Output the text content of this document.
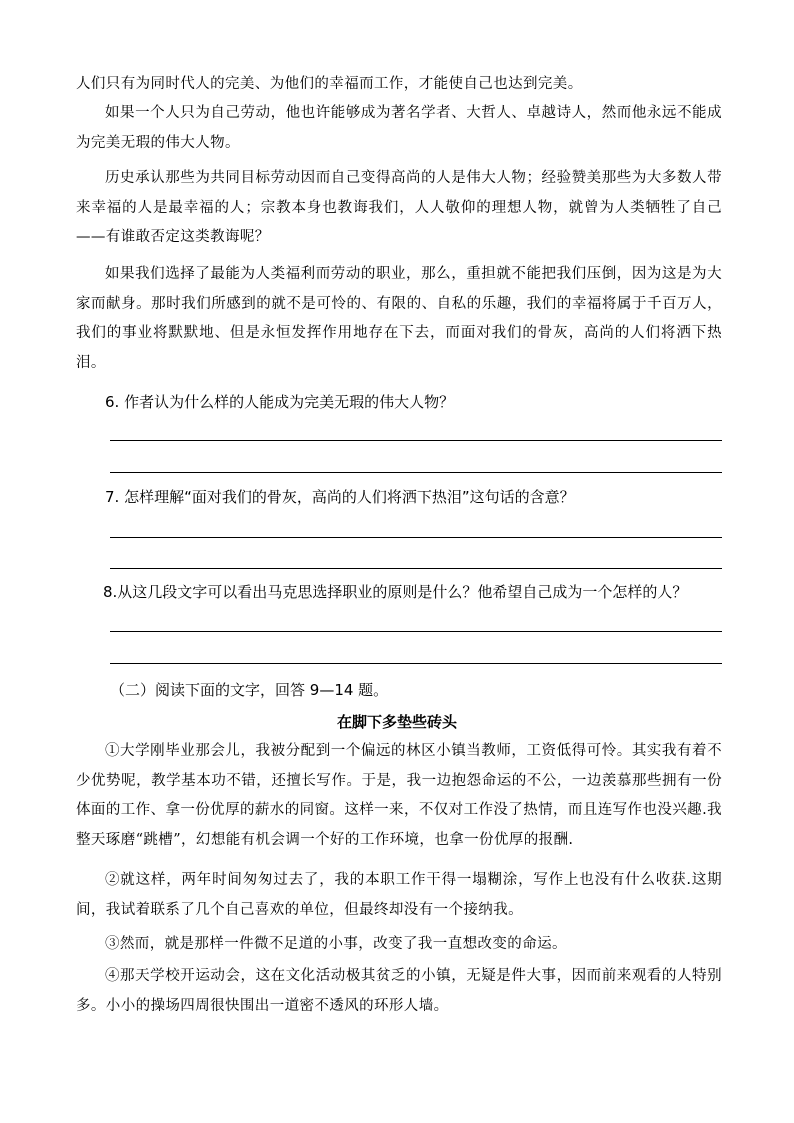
人们只有为同时代人的完美、为他们的幸福而工作，才能使自己也达到完美。

如果一个人只为自己劳动，他也许能够成为著名学者、大哲人、卓越诗人，然而他永远不能成为完美无瑕的伟大人物。

历史承认那些为共同目标劳动因而自己变得高尚的人是伟大人物；经验赞美那些为大多数人带来幸福的人是最幸福的人；宗教本身也教诲我们，人人敬仰的理想人物，就曾为人类牺牲了自己——有谁敢否定这类教诲呢？

如果我们选择了最能为人类福利而劳动的职业，那么，重担就不能把我们压倒，因为这是为大家而献身。那时我们所感到的就不是可怜的、有限的、自私的乐趣，我们的幸福将属于千百万人，我们的事业将默默地、但是永恒发挥作用地存在下去，而面对我们的骨灰，高尚的人们将洒下热泪。

6. 作者认为什么样的人能成为完美无瑕的伟大人物？

7. 怎样理解“面对我们的骨灰，高尚的人们将洒下热泪”这句话的含意？

8.从这几段文字可以看出马克思选择职业的原则是什么？他希望自己成为一个怎样的人？

（二）阅读下面的文字，回答 9—14 题。

在脚下多垫些砖头

①大学刚毕业那会儿，我被分配到一个偏远的林区小镇当教师，工资低得可怜。其实我有着不少优势呢，教学基本功不错，还擅长写作。于是，我一边抱怨命运的不公，一边羡慕那些拥有一份体面的工作、拿一份优厚的薪水的同窗。这样一来，不仅对工作没了热情，而且连写作也没兴趣.我整天琢磨“跳槽”，幻想能有机会调一个好的工作环境，也拿一份优厚的报酬.

②就这样，两年时间匆匆过去了，我的本职工作干得一塌糊涂，写作上也没有什么收获.这期间，我试着联系了几个自己喜欢的单位，但最终却没有一个接纳我。

③然而，就是那样一件微不足道的小事，改变了我一直想改变的命运。

④那天学校开运动会，这在文化活动极其贫乏的小镇，无疑是件大事，因而前来观看的人特别多。小小的操场四周很快围出一道密不透风的环形人墙。
